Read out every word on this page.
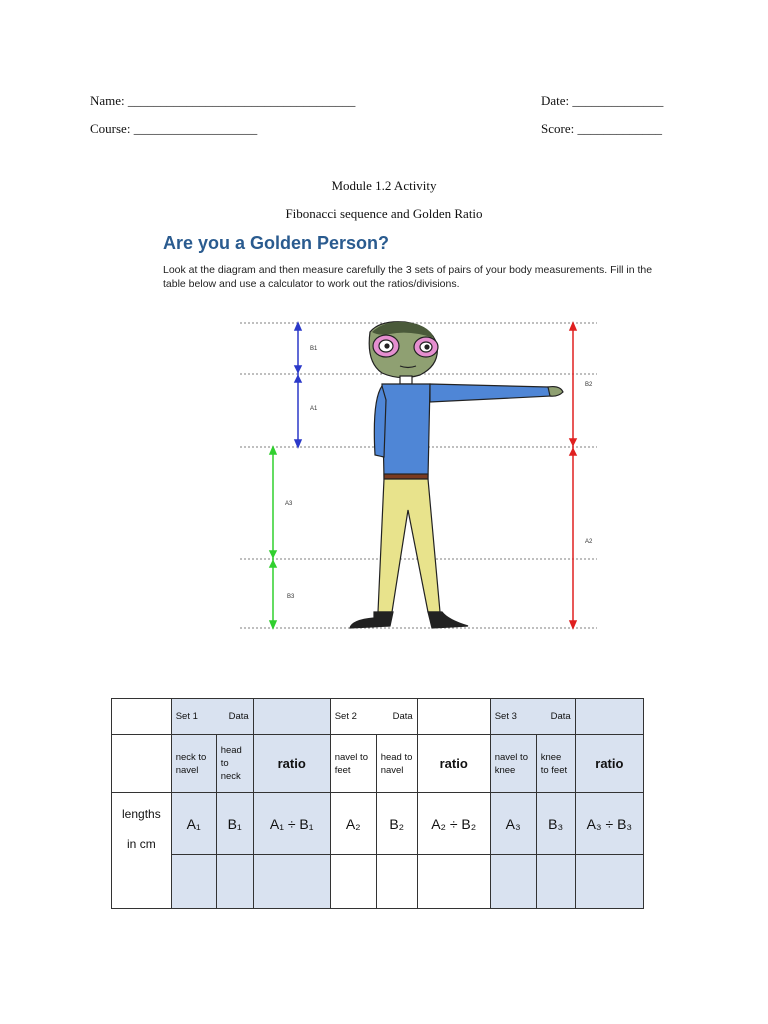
Name: ___________________________________	Date: ______________
Course: ___________________	Score: _____________
Module 1.2 Activity
Fibonacci sequence and Golden Ratio
Are you a Golden Person?
Look at the diagram and then measure carefully the 3 sets of pairs of your body measurements. Fill in the table below and use a calculator to work out the ratios/divisions.
B1
A1
A3
B3
B2
A2

	Set 1 Data			Set 2 Data			Set 3 Data		

	neck to navel	head to neck	ratio	navel to feet	head to navel	ratio	navel to knee	knee to feet	ratio

lengths
in cm	A₁	B₁	A₁ ÷ B₁	A₂	B₂	A₂ ÷ B₂	A₃	B₃	A₃ ÷ B₃
